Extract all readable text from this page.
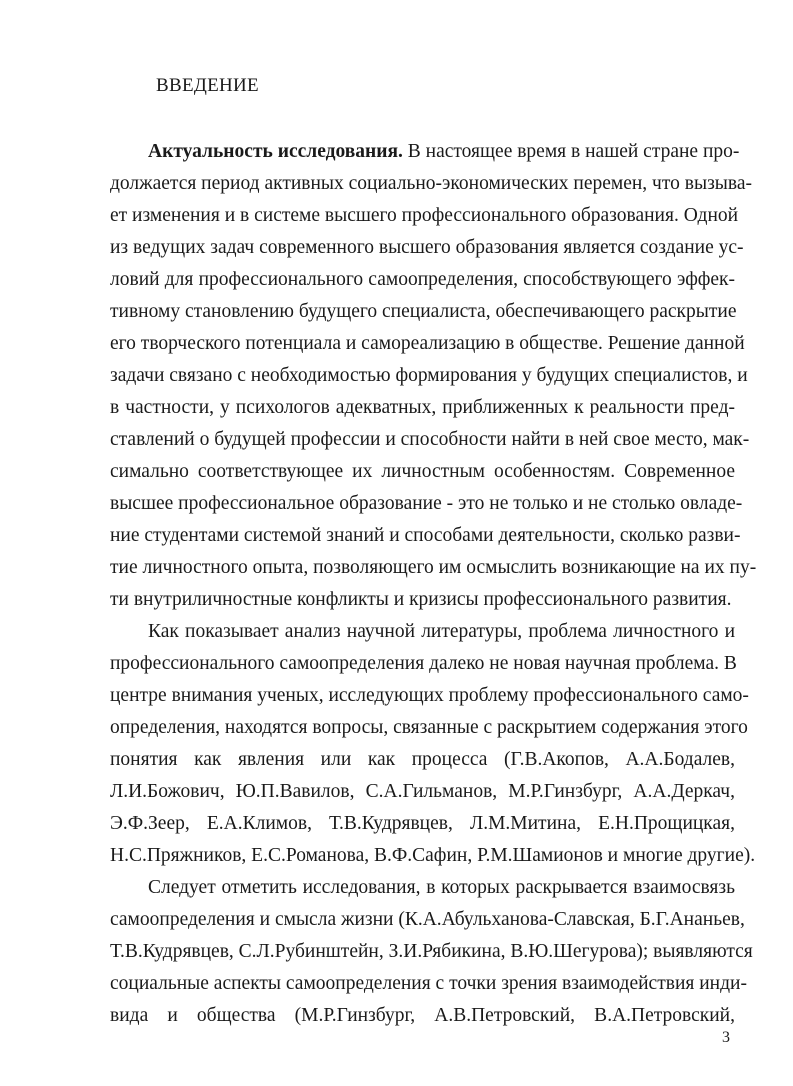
ВВЕДЕНИЕ
Актуальность исследования. В настоящее время в нашей стране про-
должается период активных социально-экономических перемен, что вызыва-
ет изменения и в системе высшего профессионального образования. Одной
из ведущих задач современного высшего образования является создание ус-
ловий для профессионального самоопределения, способствующего эффек-
тивному становлению будущего специалиста, обеспечивающего раскрытие
его творческого потенциала и самореализацию в обществе. Решение данной
задачи связано с необходимостью формирования у будущих специалистов, и
в частности, у психологов адекватных, приближенных к реальности пред-
ставлений о будущей профессии и способности найти в ней свое место, мак-
симально соответствующее их личностным особенностям. Современное
высшее профессиональное образование - это не только и не столько овладе-
ние студентами системой знаний и способами деятельности, сколько разви-
тие личностного опыта, позволяющего им осмыслить возникающие на их пу-
ти внутриличностные конфликты и кризисы профессионального развития.
Как показывает анализ научной литературы, проблема личностного и
профессионального самоопределения далеко не новая научная проблема. В
центре внимания ученых, исследующих проблему профессионального само-
определения, находятся вопросы, связанные с раскрытием содержания этого
понятия как явления или как процесса (Г.В.Акопов, А.А.Бодалев,
Л.И.Божович, Ю.П.Вавилов, С.А.Гильманов, М.Р.Гинзбург, А.А.Деркач,
Э.Ф.Зеер, Е.А.Климов, Т.В.Кудрявцев, Л.М.Митина, Е.Н.Прощицкая,
Н.С.Пряжников, Е.С.Романова, В.Ф.Сафин, Р.М.Шамионов и многие другие).
Следует отметить исследования, в которых раскрывается взаимосвязь
самоопределения и смысла жизни (К.А.Абульханова-Славская, Б.Г.Ананьев,
Т.В.Кудрявцев, С.Л.Рубинштейн, З.И.Рябикина, В.Ю.Шегурова); выявляются
социальные аспекты самоопределения с точки зрения взаимодействия инди-
вида и общества (М.Р.Гинзбург, А.В.Петровский, В.А.Петровский,
3
